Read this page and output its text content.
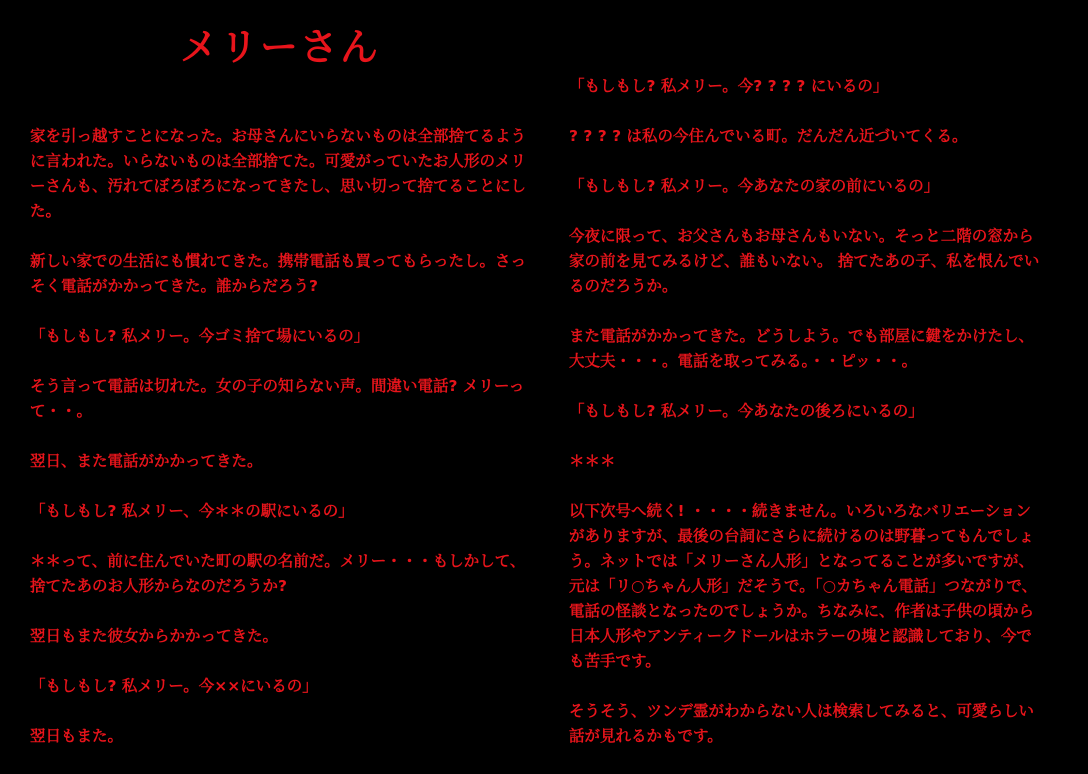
メリーさん

家を引っ越すことになった。お母さんにいらないものは全部捨てるように言われた。いらないものは全部捨てた。可愛がっていたお人形のメリーさんも、汚れてぼろぼろになってきたし、思い切って捨てることにした。

新しい家での生活にも慣れてきた。携帯電話も買ってもらったし。さっそく電話がかかってきた。誰からだろう?

「もしもし? 私メリー。今ゴミ捨て場にいるの」

そう言って電話は切れた。女の子の知らない声。間違い電話? メリーって・・。

翌日、また電話がかかってきた。

「もしもし? 私メリー、今＊＊の駅にいるの」

＊＊って、前に住んでいた町の駅の名前だ。メリー・・・もしかして、捨てたあのお人形からなのだろうか?

翌日もまた彼女からかかってきた。

「もしもし? 私メリー。今××にいるの」

翌日もまた。

「もしもし? 私メリー。今? ? ? ? にいるの」

? ? ? ? は私の今住んでいる町。だんだん近づいてくる。

「もしもし? 私メリー。今あなたの家の前にいるの」

今夜に限って、お父さんもお母さんもいない。そっと二階の窓から家の前を見てみるけど、誰もいない。 捨てたあの子、私を恨んでいるのだろうか。

また電話がかかってきた。どうしよう。でも部屋に鍵をかけたし、大丈夫・・・。電話を取ってみる。・・ピッ・・。

「もしもし? 私メリー。今あなたの後ろにいるの」

＊＊＊

以下次号へ続く! ・・・・続きません。いろいろなバリエーションがありますが、最後の台詞にさらに続けるのは野暮ってもんでしょう。ネットでは「メリーさん人形」となってることが多いですが、元は「リ○ちゃん人形」だそうで。「○カちゃん電話」つながりで、電話の怪談となったのでしょうか。ちなみに、作者は子供の頃から日本人形やアンティークドールはホラーの塊と認識しており、今でも苦手です。

そうそう、ツンデ霊がわからない人は検索してみると、可愛らしい話が見れるかもです。
